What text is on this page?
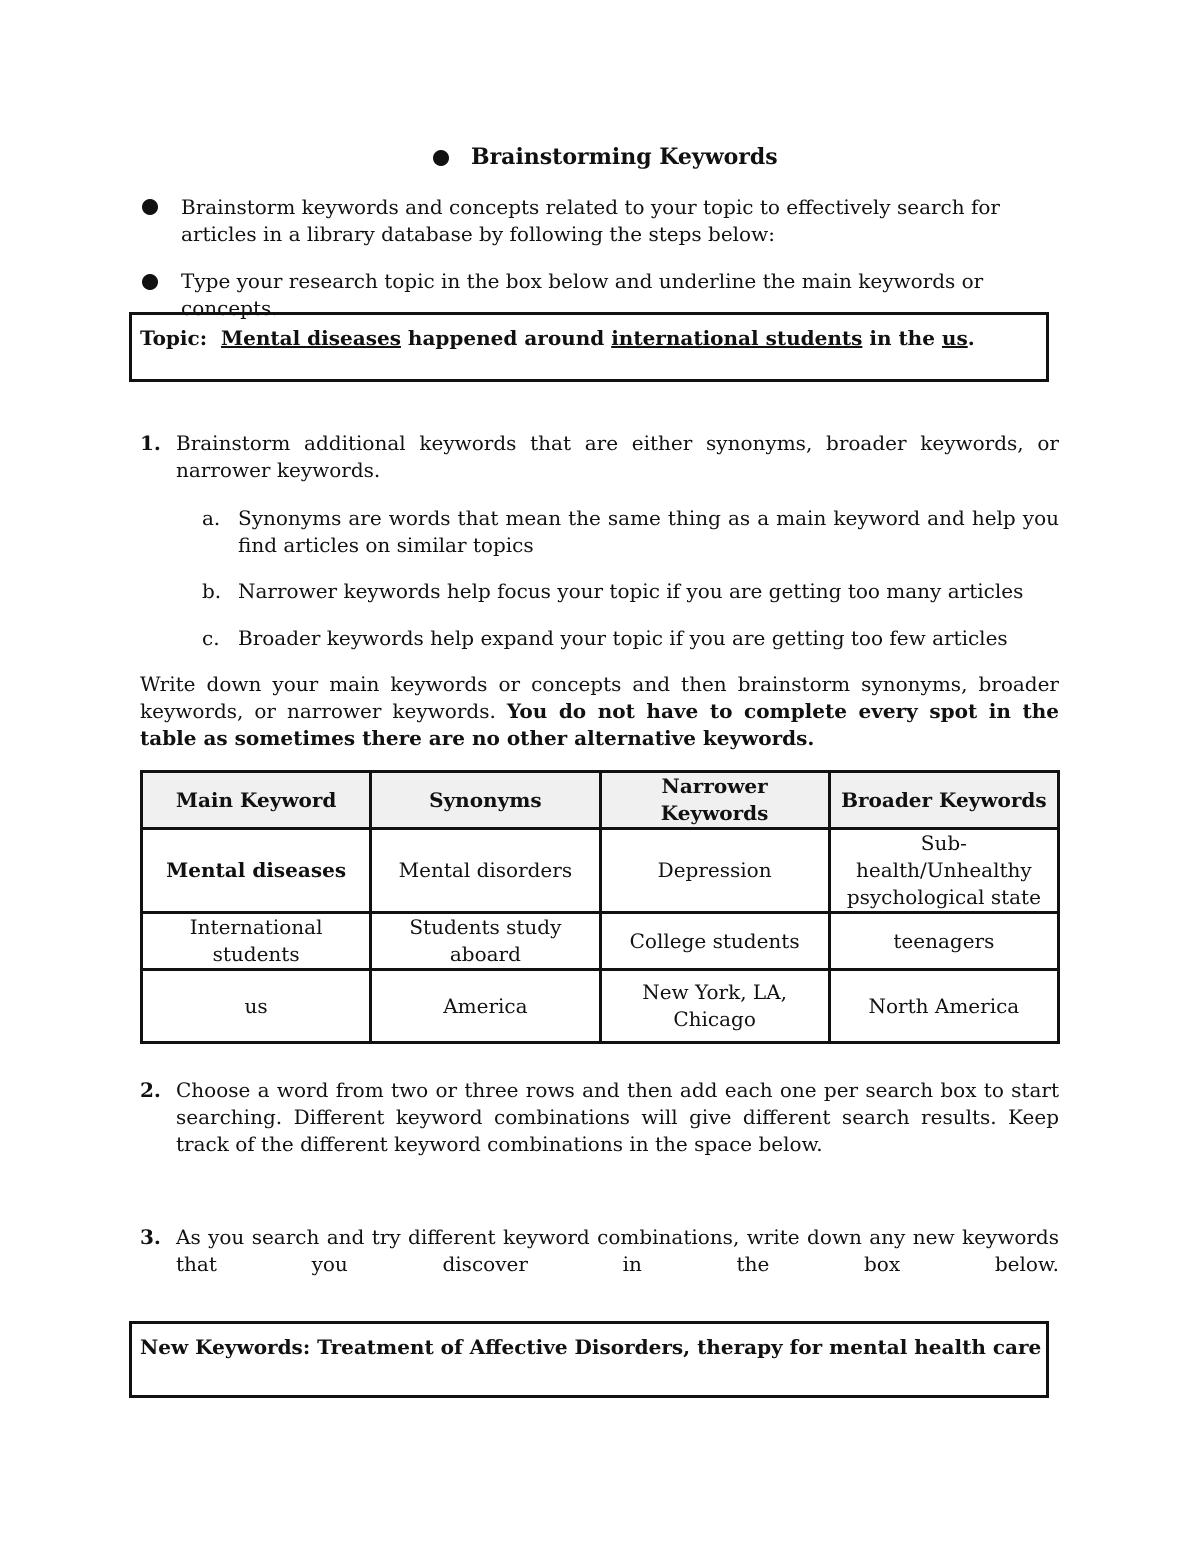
Brainstorming Keywords
Brainstorm keywords and concepts related to your topic to effectively search for articles in a library database by following the steps below:
Type your research topic in the box below and underline the main keywords or concepts.
Topic: Mental diseases happened around international students in the us.
1. Brainstorm additional keywords that are either synonyms, broader keywords, or narrower keywords.
a. Synonyms are words that mean the same thing as a main keyword and help you find articles on similar topics
b. Narrower keywords help focus your topic if you are getting too many articles
c. Broader keywords help expand your topic if you are getting too few articles
Write down your main keywords or concepts and then brainstorm synonyms, broader keywords, or narrower keywords. You do not have to complete every spot in the table as sometimes there are no other alternative keywords.
Main Keyword	Synonyms	Narrower Keywords	Broader Keywords
Mental diseases	Mental disorders	Depression	Sub-health/Unhealthy psychological state
International students	Students study aboard	College students	teenagers
us	America	New York, LA, Chicago	North America
2. Choose a word from two or three rows and then add each one per search box to start searching. Different keyword combinations will give different search results. Keep track of the different keyword combinations in the space below.
3. As you search and try different keyword combinations, write down any new keywords that you discover in the box below.
New Keywords: Treatment of Affective Disorders, therapy for mental health care
